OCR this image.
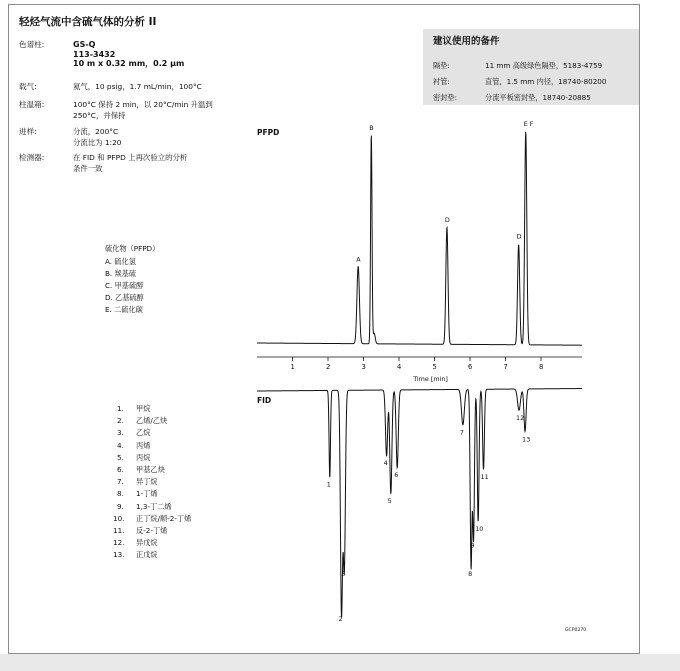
轻烃气流中含硫气体的分析 II
色谱柱:	GS-Q
113-3432
10 m x 0.32 mm，0.2 µm
载气:	氦气，10 psig，1.7 mL/min，100°C
柱温箱:	100°C 保持 2 min，以 20°C/min 升温到
250°C，并保持
进样:	分流，200°C
分流比为 1:20
检测器:	在 FID 和 PFPD 上再次验立的分析
条件一致
建议使用的备件
隔垫:	11 mm 高级绿色隔垫，5183-4759
衬管:	直管，1.5 mm 内径，18740-80200
密封垫:	分流平板密封垫，18740-20885
硫化物（PFPD）
A. 硫化氢
B. 羰基硫
C. 甲基硫醇
D. 乙基硫醇
E. 二硫化碳
1. 甲烷
2. 乙烯/乙炔
3. 乙烷
4. 丙烯
5. 丙烷
6. 甲基乙炔
7. 异丁烷
8. 1-丁烯
9. 1,3-丁二烯
10. 正丁烷/顺-2-丁烯
11. 反-2-丁烯
12. 异戊烷
13. 正戊烷
PFPD
A
B
D
D
E F
FID
1
2
3
4
5
6
7
8
9
10
11
12
13
1	2	3	4	5	6	7	8
Time [min]
GCP0270
